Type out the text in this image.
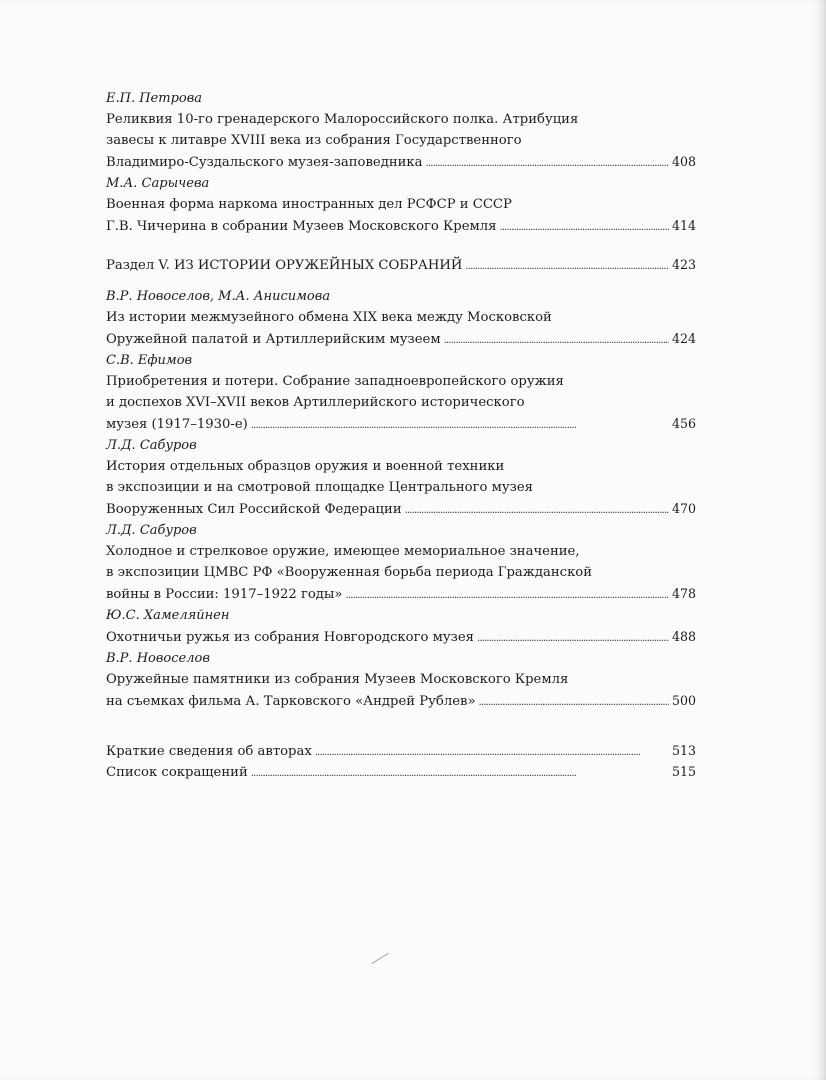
Е.П. Петрова
Реликвия 10-го гренадерского Малороссийского полка. Атрибуция
завесы к литавре XVIII века из собрания Государственного
Владимиро-Суздальского музея-заповедника . . .	408
М.А. Сарычева
Военная форма наркома иностранных дел РСФСР и СССР
Г.В. Чичерина в собрании Музеев Московского Кремля . . .	414
Раздел V. ИЗ ИСТОРИИ ОРУЖЕЙНЫХ СОБРАНИЙ . . .	423
В.Р. Новоселов, М.А. Анисимова
Из истории межмузейного обмена XIX века между Московской
Оружейной палатой и Артиллерийским музеем . . .	424
С.В. Ефимов
Приобретения и потери. Собрание западноевропейского оружия
и доспехов XVI–XVII веков Артиллерийского исторического
музея (1917–1930-е) . . .	456
Л.Д. Сабуров
История отдельных образцов оружия и военной техники
в экспозиции и на смотровой площадке Центрального музея
Вооруженных Сил Российской Федерации . . .	470
Л.Д. Сабуров
Холодное и стрелковое оружие, имеющее мемориальное значение,
в экспозиции ЦМВС РФ «Вооруженная борьба периода Гражданской
войны в России: 1917–1922 годы» . . .	478
Ю.С. Хамеляйнен
Охотничьи ружья из собрания Новгородского музея . . .	488
В.Р. Новоселов
Оружейные памятники из собрания Музеев Московского Кремля
на съемках фильма А. Тарковского «Андрей Рублев» . . .	500
Краткие сведения об авторах . . .	513
Список сокращений . . .	515
